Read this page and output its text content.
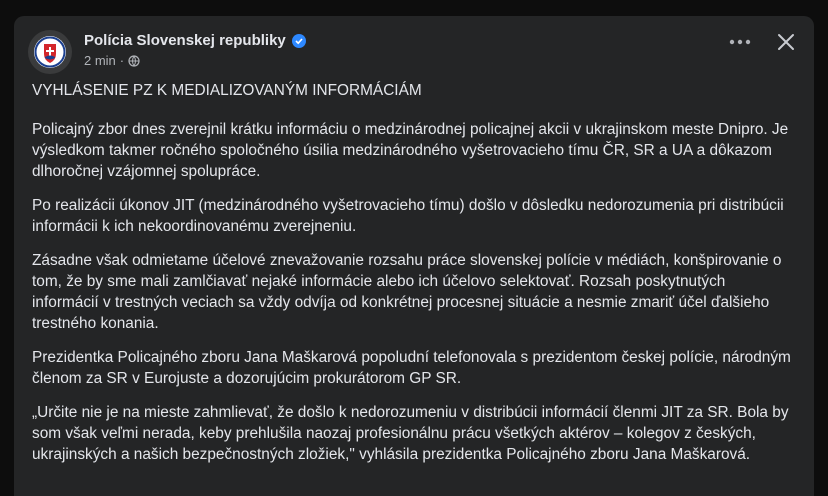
Polícia Slovenskej republiky
2 min ·

VYHLÁSENIE PZ K MEDIALIZOVANÝM INFORMÁCIÁM

Policajný zbor dnes zverejnil krátku informáciu o medzinárodnej policajnej akcii v ukrajinskom meste Dnipro. Je výsledkom takmer ročného spoločného úsilia medzinárodného vyšetrovacieho tímu ČR, SR a UA a dôkazom dlhoročnej vzájomnej spolupráce.

Po realizácii úkonov JIT (medzinárodného vyšetrovacieho tímu) došlo v dôsledku nedorozumenia pri distribúcii informácii k ich nekoordinovanému zverejneniu.

Zásadne však odmietame účelové znevažovanie rozsahu práce slovenskej polície v médiách, konšpirovanie o tom, že by sme mali zamlčiavať nejaké informácie alebo ich účelovo selektovať. Rozsah poskytnutých informácií v trestných veciach sa vždy odvíja od konkrétnej procesnej situácie a nesmie zmariť účel ďalšieho trestného konania.

Prezidentka Policajného zboru Jana Maškarová popoludní telefonovala s prezidentom českej polície, národným členom za SR v Eurojuste a dozorujúcim prokurátorom GP SR.

„Určite nie je na mieste zahmlievať, že došlo k nedorozumeniu v distribúcii informácií členmi JIT za SR. Bola by som však veľmi nerada, keby prehlušila naozaj profesionálnu prácu všetkých aktérov – kolegov z českých, ukrajinských a našich bezpečnostných zložiek," vyhlásila prezidentka Policajného zboru Jana Maškarová.
